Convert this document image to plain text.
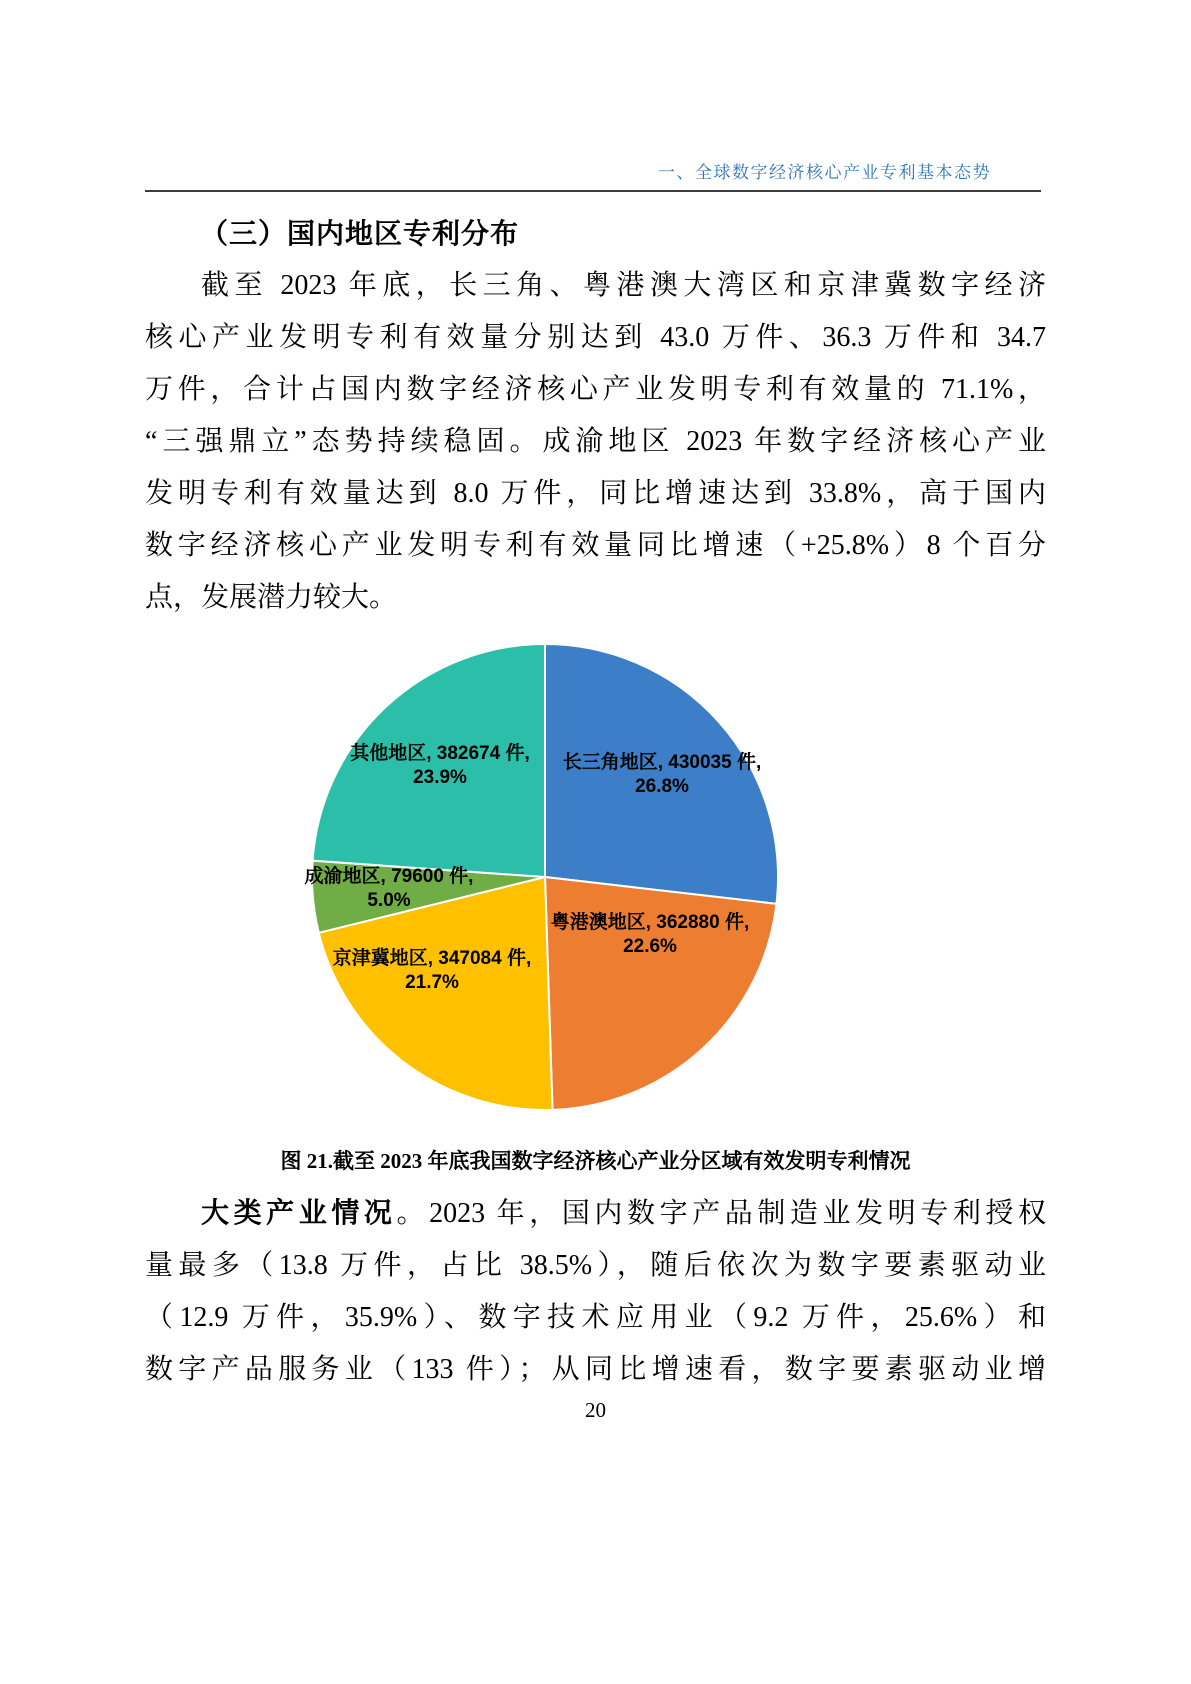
一、全球数字经济核心产业专利基本态势
（三）国内地区专利分布
截至 2023 年底，长三角、粤港澳大湾区和京津冀数字经济
核心产业发明专利有效量分别达到 43.0 万件、36.3 万件和 34.7
万件，合计占国内数字经济核心产业发明专利有效量的 71.1%，
“三强鼎立”态势持续稳固。成渝地区 2023 年数字经济核心产业
发明专利有效量达到 8.0 万件，同比增速达到 33.8%，高于国内
数字经济核心产业发明专利有效量同比增速（+25.8%）8 个百分
点，发展潜力较大。
长三角地区, 430035 件, 26.8%
粤港澳地区, 362880 件, 22.6%
京津冀地区, 347084 件, 21.7%
成渝地区, 79600 件, 5.0%
其他地区, 382674 件, 23.9%
图 21.截至 2023 年底我国数字经济核心产业分区域有效发明专利情况
大类产业情况。2023 年，国内数字产品制造业发明专利授权
量最多（13.8 万件，占比 38.5%），随后依次为数字要素驱动业
（12.9 万件，35.9%）、数字技术应用业（9.2 万件，25.6%）和
数字产品服务业（133 件）；从同比增速看，数字要素驱动业增
20
